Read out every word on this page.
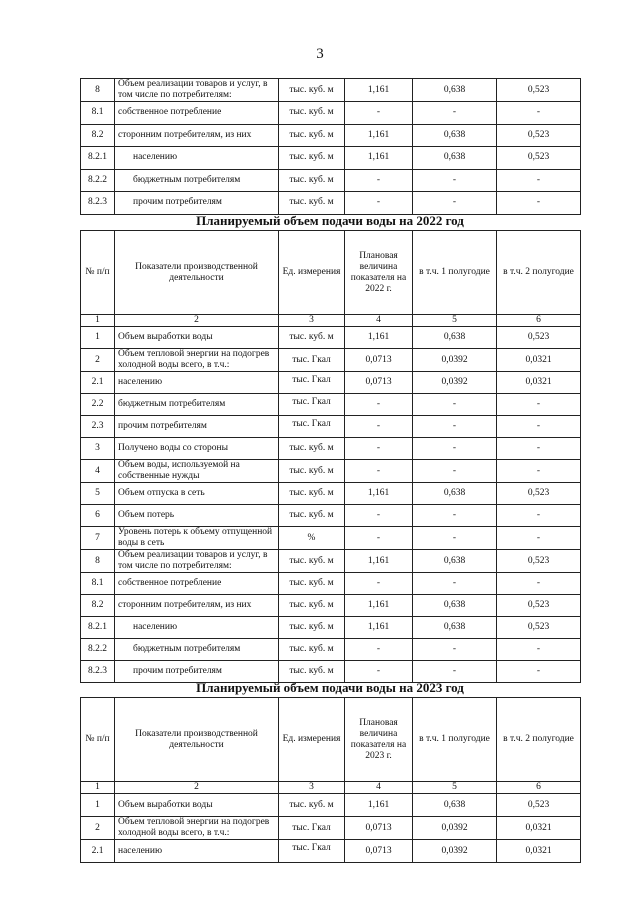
3
8	Объем реализации товаров и услуг, в том числе по потребителям:	тыс. куб. м	1,161	0,638	0,523
8.1	собственное потребление	тыс. куб. м	-	-	-
8.2	сторонним потребителям, из них	тыс. куб. м	1,161	0,638	0,523
8.2.1	населению	тыс. куб. м	1,161	0,638	0,523
8.2.2	бюджетным потребителям	тыс. куб. м	-	-	-
8.2.3	прочим потребителям	тыс. куб. м	-	-	-
Планируемый объем подачи воды на 2022 год
№ п/п	Показатели производственной деятельности	Ед. измерения	Плановая величина показателя на 2022 г.	в т.ч. 1 полугодие	в т.ч. 2 полугодие
1	2	3	4	5	6
1	Объем выработки воды	тыс. куб. м	1,161	0,638	0,523
2	Объем тепловой энергии на подогрев холодной воды всего, в т.ч.:	тыс. Гкал	0,0713	0,0392	0,0321
2.1	населению	тыс. Гкал	0,0713	0,0392	0,0321
2.2	бюджетным потребителям	тыс. Гкал	-	-	-
2.3	прочим потребителям	тыс. Гкал	-	-	-
3	Получено воды со стороны	тыс. куб. м	-	-	-
4	Объем воды, используемой на собственные нужды	тыс. куб. м	-	-	-
5	Объем отпуска в сеть	тыс. куб. м	1,161	0,638	0,523
6	Объем потерь	тыс. куб. м	-	-	-
7	Уровень потерь к объему отпущенной воды в сеть	%	-	-	-
8	Объем реализации товаров и услуг, в том числе по потребителям:	тыс. куб. м	1,161	0,638	0,523
8.1	собственное потребление	тыс. куб. м	-	-	-
8.2	сторонним потребителям, из них	тыс. куб. м	1,161	0,638	0,523
8.2.1	населению	тыс. куб. м	1,161	0,638	0,523
8.2.2	бюджетным потребителям	тыс. куб. м	-	-	-
8.2.3	прочим потребителям	тыс. куб. м	-	-	-
Планируемый объем подачи воды на 2023 год
№ п/п	Показатели производственной деятельности	Ед. измерения	Плановая величина показателя на 2023 г.	в т.ч. 1 полугодие	в т.ч. 2 полугодие
1	2	3	4	5	6
1	Объем выработки воды	тыс. куб. м	1,161	0,638	0,523
2	Объем тепловой энергии на подогрев холодной воды всего, в т.ч.:	тыс. Гкал	0,0713	0,0392	0,0321
2.1	населению	тыс. Гкал	0,0713	0,0392	0,0321
